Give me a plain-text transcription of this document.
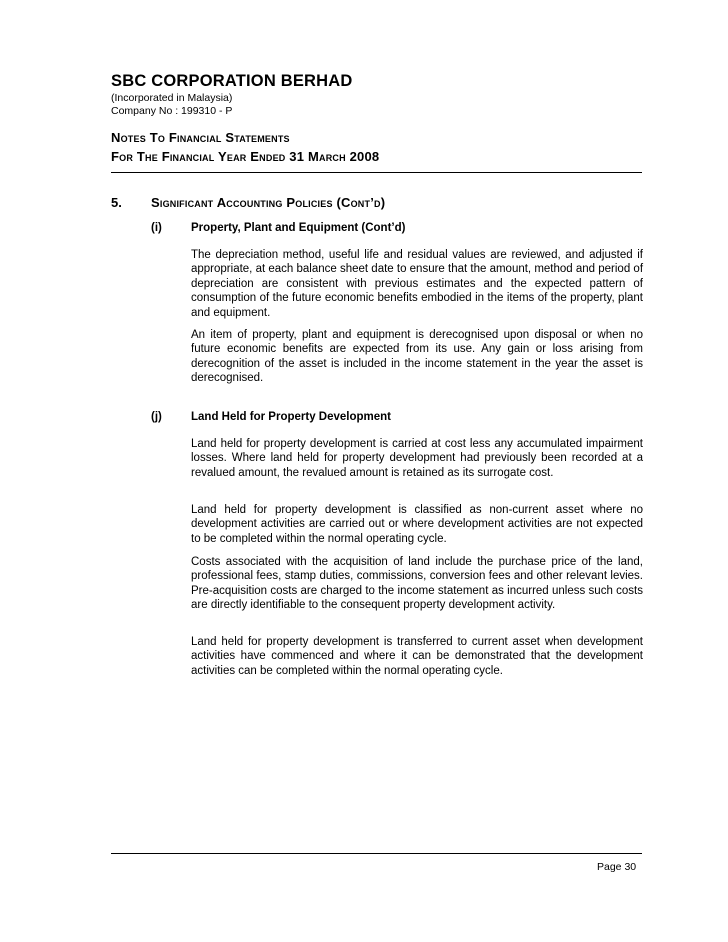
SBC CORPORATION BERHAD
(Incorporated in Malaysia)
Company No : 199310 - P
Notes To Financial Statements
For The Financial Year Ended 31 March 2008
5. Significant Accounting Policies (Cont’d)
(i)	Property, Plant and Equipment (Cont’d)
The depreciation method, useful life and residual values are reviewed, and adjusted if appropriate, at each balance sheet date to ensure that the amount, method and period of depreciation are consistent with previous estimates and the expected pattern of consumption of the future economic benefits embodied in the items of the property, plant and equipment.
An item of property, plant and equipment is derecognised upon disposal or when no future economic benefits are expected from its use. Any gain or loss arising from derecognition of the asset is included in the income statement in the year the asset is derecognised.
(j)	Land Held for Property Development
Land held for property development is carried at cost less any accumulated impairment losses. Where land held for property development had previously been recorded at a revalued amount, the revalued amount is retained as its surrogate cost.
Land held for property development is classified as non-current asset where no development activities are carried out or where development activities are not expected to be completed within the normal operating cycle.
Costs associated with the acquisition of land include the purchase price of the land, professional fees, stamp duties, commissions, conversion fees and other relevant levies. Pre-acquisition costs are charged to the income statement as incurred unless such costs are directly identifiable to the consequent property development activity.
Land held for property development is transferred to current asset when development activities have commenced and where it can be demonstrated that the development activities can be completed within the normal operating cycle.
Page 30
